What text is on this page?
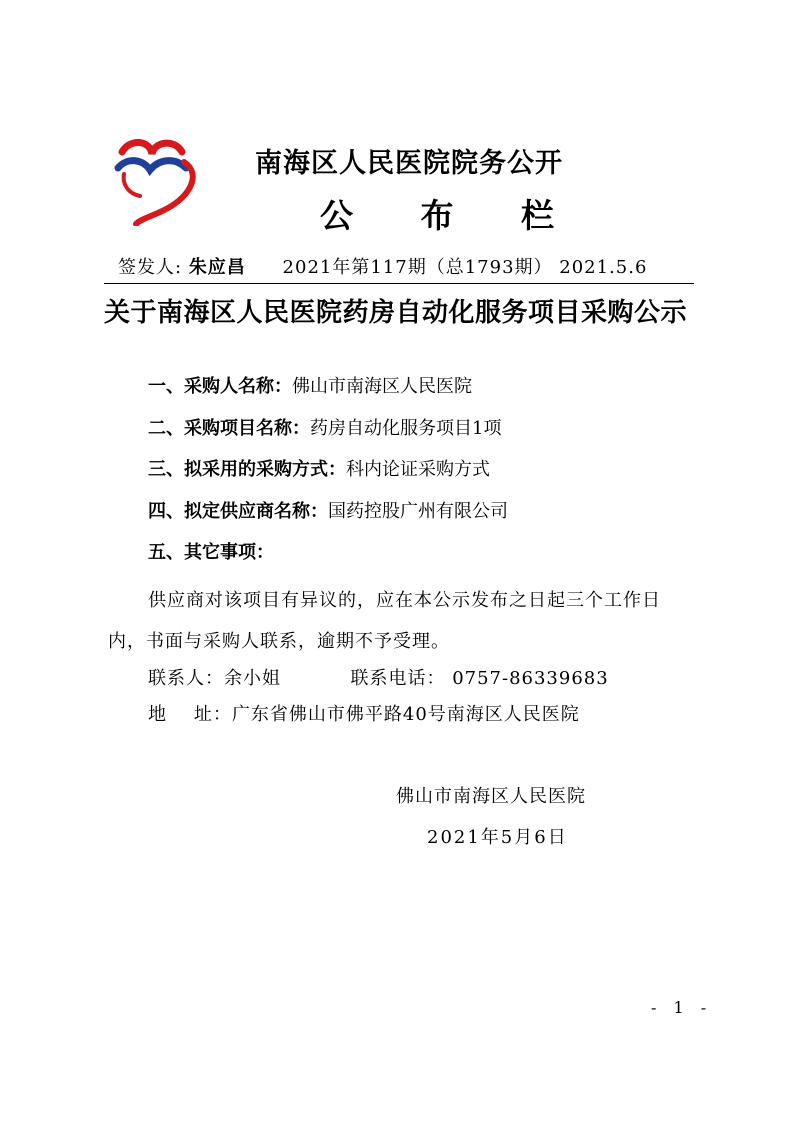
南海区人民医院院务公开
公 布 栏
签发人: 朱应昌 2021年第117期（总1793期） 2021.5.6
关于南海区人民医院药房自动化服务项目采购公示
一、采购人名称：佛山市南海区人民医院
二、采购项目名称：药房自动化服务项目1项
三、拟采用的采购方式：科内论证采购方式
四、拟定供应商名称：国药控股广州有限公司
五、其它事项：
供应商对该项目有异议的，应在本公示发布之日起三个工作日内，书面与采购人联系，逾期不予受理。
联系人：余小姐	联系电话： 0757-86339683
地    址：广东省佛山市佛平路40号南海区人民医院
佛山市南海区人民医院
2021年5月6日
- 1 -
